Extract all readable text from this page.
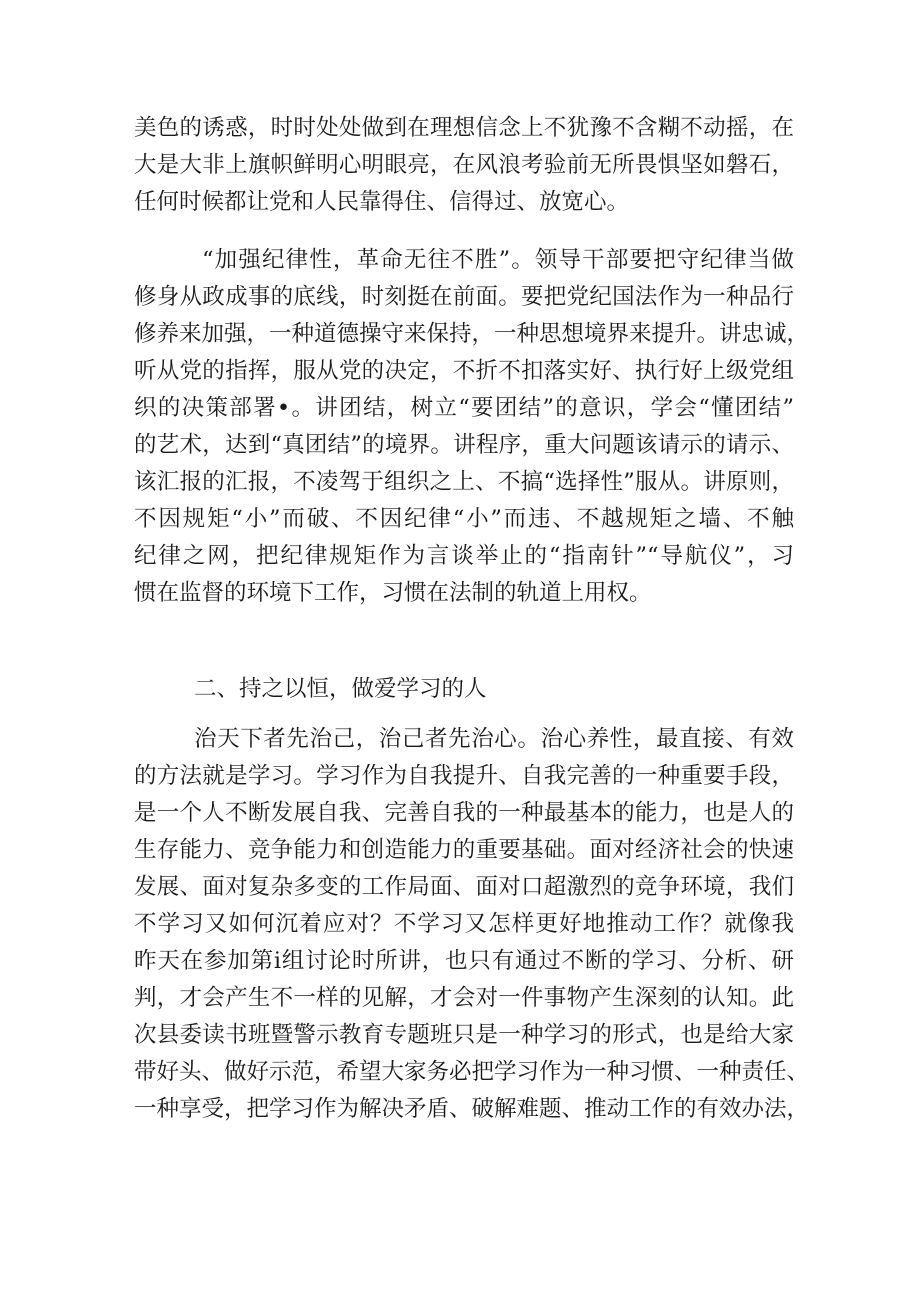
美色的诱惑，时时处处做到在理想信念上不犹豫不含糊不动摇，在
大是大非上旗帜鲜明心明眼亮，在风浪考验前无所畏惧坚如磐石，
任何时候都让党和人民靠得住、信得过、放宽心。
“加强纪律性，革命无往不胜”。领导干部要把守纪律当做
修身从政成事的底线，时刻挺在前面。要把党纪国法作为一种品行
修养来加强，一种道德操守来保持，一种思想境界来提升。讲忠诚，
听从党的指挥，服从党的决定，不折不扣落实好、执行好上级党组
织的决策部署•。讲团结，树立“要团结”的意识，学会“懂团结”
的艺术，达到“真团结”的境界。讲程序，重大问题该请示的请示、
该汇报的汇报，不凌驾于组织之上、不搞“选择性”服从。讲原则，
不因规矩“小”而破、不因纪律“小”而违、不越规矩之墙、不触
纪律之网，把纪律规矩作为言谈举止的“指南针”“导航仪”，习
惯在监督的环境下工作，习惯在法制的轨道上用权。
二、持之以恒，做爱学习的人
治天下者先治己，治己者先治心。治心养性，最直接、有效
的方法就是学习。学习作为自我提升、自我完善的一种重要手段，
是一个人不断发展自我、完善自我的一种最基本的能力，也是人的
生存能力、竞争能力和创造能力的重要基础。面对经济社会的快速
发展、面对复杂多变的工作局面、面对口超激烈的竞争环境，我们
不学习又如何沉着应对？不学习又怎样更好地推动工作？就像我
昨天在参加第i组讨论时所讲，也只有通过不断的学习、分析、研
判，才会产生不一样的见解，才会对一件事物产生深刻的认知。此
次县委读书班暨警示教育专题班只是一种学习的形式，也是给大家
带好头、做好示范，希望大家务必把学习作为一种习惯、一种责任、
一种享受，把学习作为解决矛盾、破解难题、推动工作的有效办法，
